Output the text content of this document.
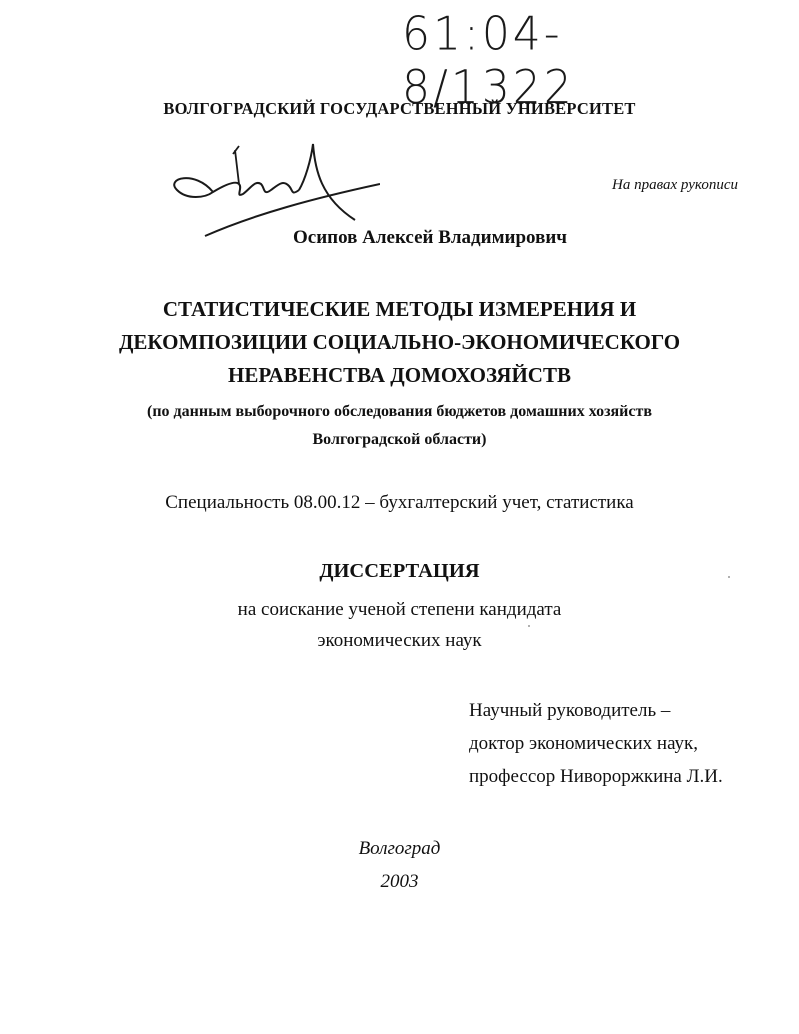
61:04-8/1322
ВОЛГОГРАДСКИЙ ГОСУДАРСТВЕННЫЙ УНИВЕРСИТЕТ
На правах рукописи
Осипов Алексей Владимирович
СТАТИСТИЧЕСКИЕ МЕТОДЫ ИЗМЕРЕНИЯ И
ДЕКОМПОЗИЦИИ СОЦИАЛЬНО-ЭКОНОМИЧЕСКОГО
НЕРАВЕНСТВА ДОМОХОЗЯЙСТВ
(по данным выборочного обследования бюджетов домашних хозяйств
Волгоградской области)
Специальность 08.00.12 – бухгалтерский учет, статистика
ДИССЕРТАЦИЯ
на соискание ученой степени кандидата
экономических наук
Научный руководитель –
доктор экономических наук,
профессор Нивороржкина Л.И.
Волгоград
2003
